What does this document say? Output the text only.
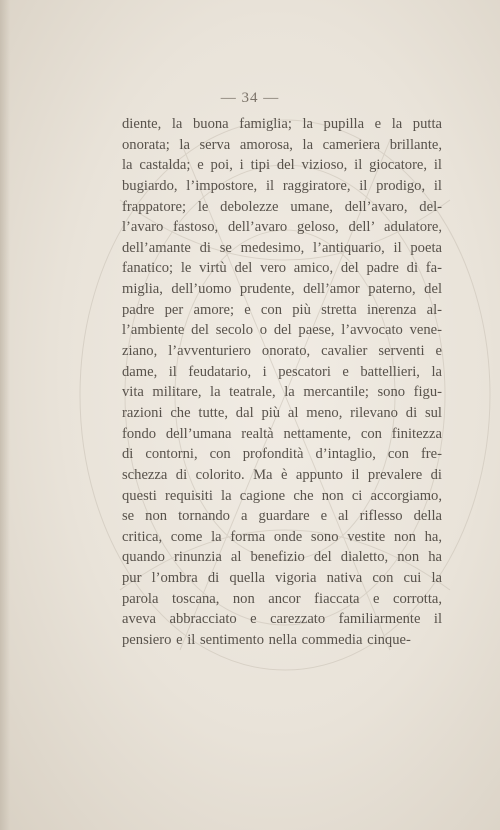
— 34 —
diente, la buona famiglia; la pupilla e la putta
onorata; la serva amorosa, la cameriera brillante,
la castalda; e poi, i tipi del vizioso, il giocatore, il
bugiardo, l’impostore, il raggiratore, il prodigo, il
frappatore; le debolezze umane, dell’avaro, del-
l’avaro fastoso, dell’avaro geloso, dell’ adulatore,
dell’amante di se medesimo, l’antiquario, il poeta
fanatico; le virtù del vero amico, del padre di fa-
miglia, dell’uomo prudente, dell’amor paterno, del
padre per amore; e con più stretta inerenza al-
l’ambiente del secolo o del paese, l’avvocato vene-
ziano, l’avventuriero onorato, cavalier serventi e
dame, il feudatario, i pescatori e battellieri, la
vita militare, la teatrale, la mercantile; sono figu-
razioni che tutte, dal più al meno, rilevano di sul
fondo dell’umana realtà nettamente, con finitezza
di contorni, con profondità d’intaglio, con fre-
schezza di colorito. Ma è appunto il prevalere di
questi requisiti la cagione che non ci accorgiamo,
se non tornando a guardare e al riflesso della
critica, come la forma onde sono vestite non ha,
quando rinunzia al benefizio del dialetto, non ha
pur l’ombra di quella vigoria nativa con cui la
parola toscana, non ancor fiaccata e corrotta,
aveva abbracciato e carezzato familiarmente il
pensiero e il sentimento nella commedia cinque-
